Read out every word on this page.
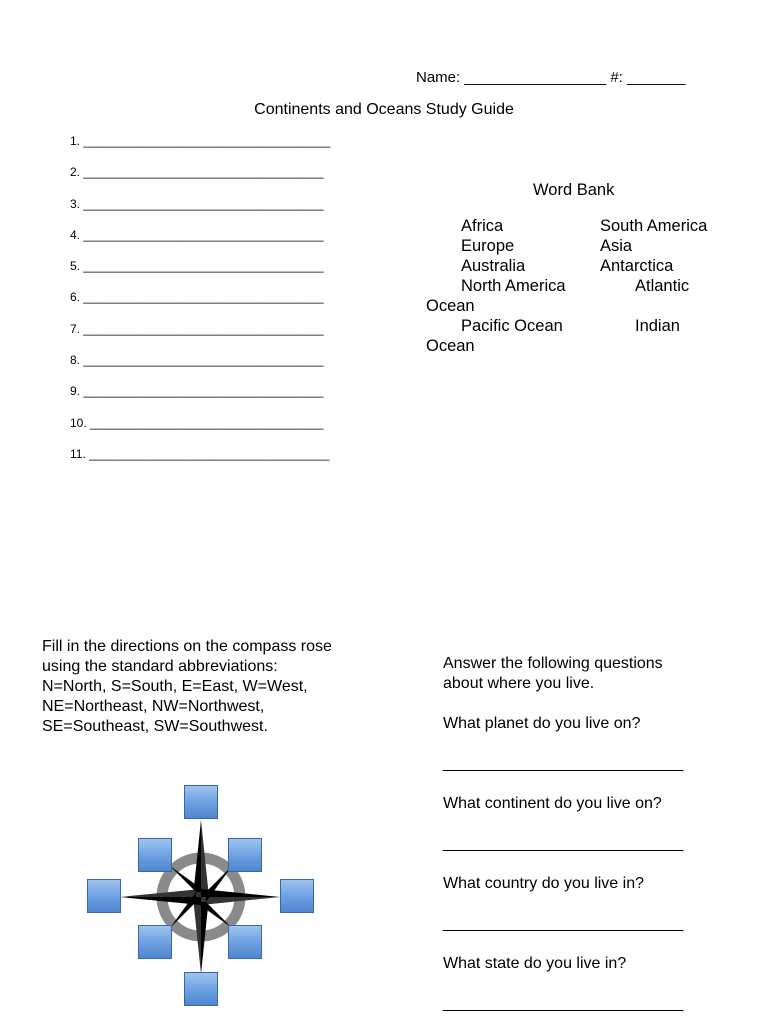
Name: _________________ #: _______
Continents and Oceans Study Guide
1. _____________________________________
2. ____________________________________
3. ____________________________________
4. ____________________________________
5. ____________________________________
6. ____________________________________
7. ____________________________________
8. ____________________________________
9. ____________________________________
10. ___________________________________
11. ____________________________________
Word Bank
Africa	South America
Europe	Asia
Australia	Antarctica
North America	Atlantic
Ocean
Pacific Ocean	Indian
Ocean
Fill in the directions on the compass rose
using the standard abbreviations:
N=North, S=South, E=East, W=West,
NE=Northeast, NW=Northwest,
SE=Southeast, SW=Southwest.
Answer the following questions
about where you live.
What planet do you live on?
___________________________
What continent do you live on?
___________________________
What country do you live in?
___________________________
What state do you live in?
___________________________
